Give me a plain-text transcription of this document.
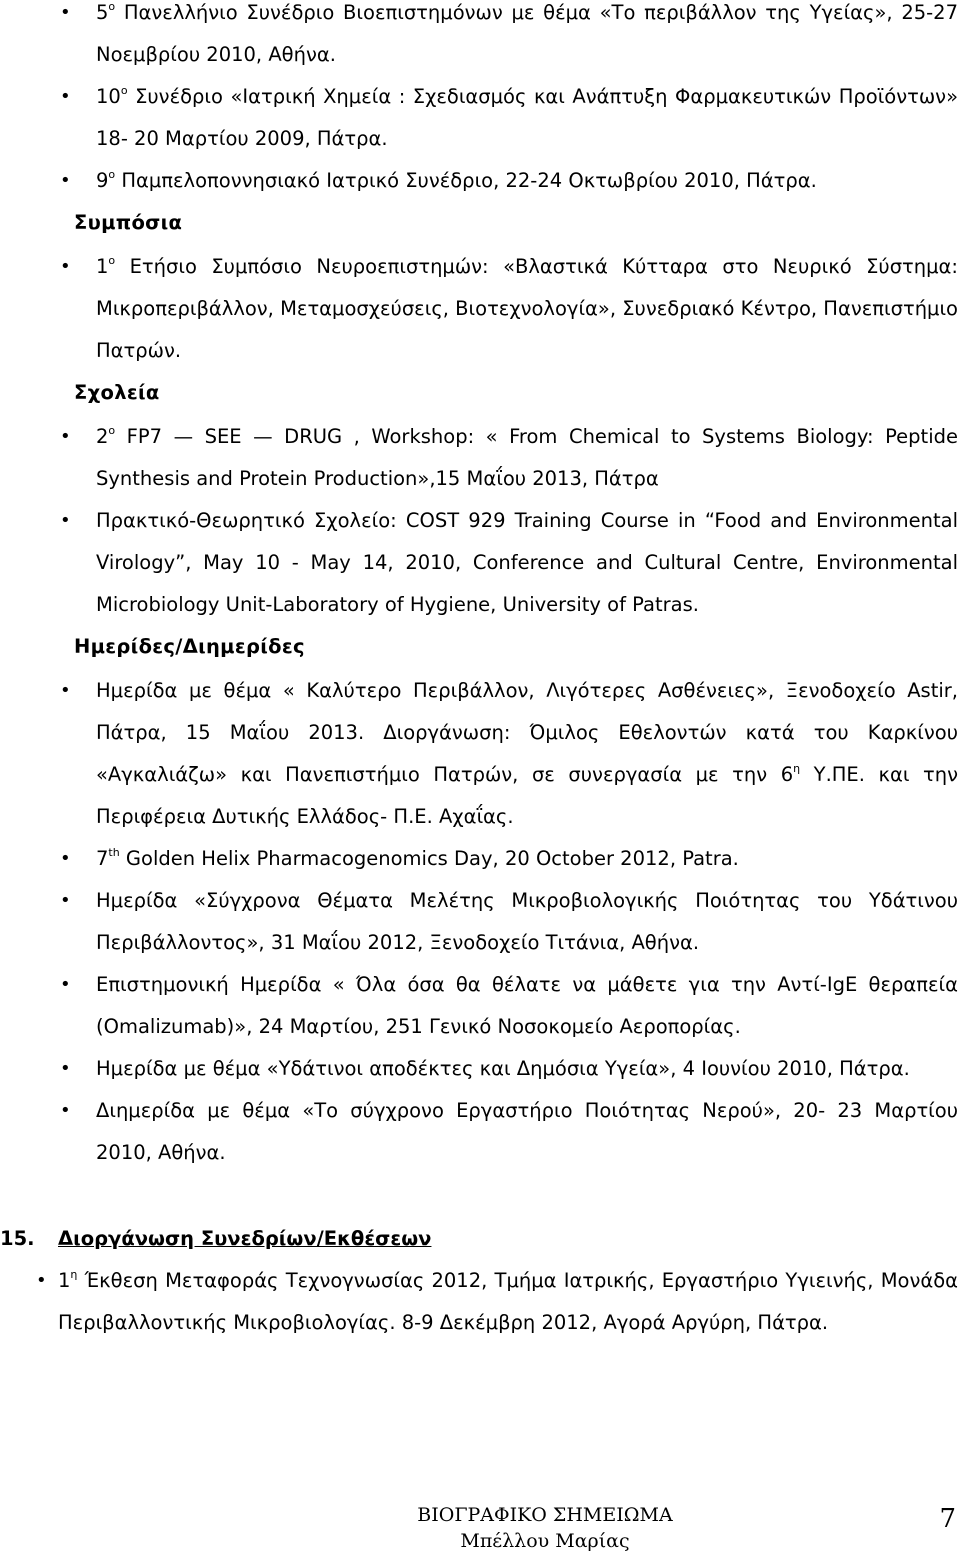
• $5^o$ Πανελλήνιο Συνέδριο Βιοεπιστημόνων με θέμα «Το περιβάλλον της Υγείας», 25-27 Νοεμβρίου 2010, Αθήνα.
• $10^o$ Συνέδριο «Ιατρική Χημεία : Σχεδιασμός και Ανάπτυξη Φαρμακευτικών Προϊόντων» 18- 20 Μαρτίου 2009, Πάτρα.
• $9^o$ Παμπελοποννησιακό Ιατρικό Συνέδριο, 22-24 Οκτωβρίου 2010, Πάτρα.
Συμπόσια
• $1^o$ Ετήσιο Συμπόσιο Νευροεπιστημών: «Βλαστικά Κύτταρα στο Νευρικό Σύστημα: Μικροπεριβάλλον, Μεταμοσχεύσεις, Βιοτεχνολογία», Συνεδριακό Κέντρο, Πανεπιστήμιο Πατρών.
Σχολεία
• $2^o$ FP7 — SEE — DRUG , Workshop: « From Chemical to Systems Biology: Peptide Synthesis and Protein Production»,15 Μαΐου 2013, Πάτρα
• Πρακτικό-Θεωρητικό Σχολείο: COST 929 Training Course in “Food and Environmental Virology”, May 10 - May 14, 2010, Conference and Cultural Centre, Environmental Microbiology Unit-Laboratory of Hygiene, University of Patras.
Ημερίδες/Διημερίδες
• Ημερίδα με θέμα « Καλύτερο Περιβάλλον, Λιγότερες Ασθένειες», Ξενοδοχείο Astir, Πάτρα, 15 Μαΐου 2013. Διοργάνωση: Όμιλος Εθελοντών κατά του Καρκίνου «Αγκαλιάζω» και Πανεπιστήμιο Πατρών, σε συνεργασία με την $6^\eta$ Υ.ΠΕ. και την Περιφέρεια Δυτικής Ελλάδος- Π.Ε. Αχαΐας.
• 7th Golden Helix Pharmacogenomics Day, 20 October 2012, Patra.
• Ημερίδα «Σύγχρονα Θέματα Μελέτης Μικροβιολογικής Ποιότητας του Υδάτινου Περιβάλλοντος», 31 Μαΐου 2012, Ξενοδοχείο Τιτάνια, Αθήνα.
• Επιστημονική Ημερίδα « Όλα όσα θα θέλατε να μάθετε για την Αντί-IgE θεραπεία (Omalizumab)», 24 Μαρτίου, 251 Γενικό Νοσοκομείο Αεροπορίας.
• Ημερίδα με θέμα «Υδάτινοι αποδέκτες και Δημόσια Υγεία», 4 Ιουνίου 2010, Πάτρα.
• Διημερίδα με θέμα «Το σύγχρονο Εργαστήριο Ποιότητας Νερού», 20- 23 Μαρτίου 2010, Αθήνα.
15. Διοργάνωση Συνεδρίων/Εκθέσεων
• $1^\eta$ Έκθεση Μεταφοράς Τεχνογνωσίας 2012, Τμήμα Ιατρικής, Εργαστήριο Υγιεινής, Μονάδα Περιβαλλοντικής Μικροβιολογίας. 8-9 Δεκέμβρη 2012, Αγορά Αργύρη, Πάτρα.
ΒΙΟΓΡΑΦΙΚΟ ΣΗΜΕΙΩΜΑ
Μπέλλου Μαρίας
7
